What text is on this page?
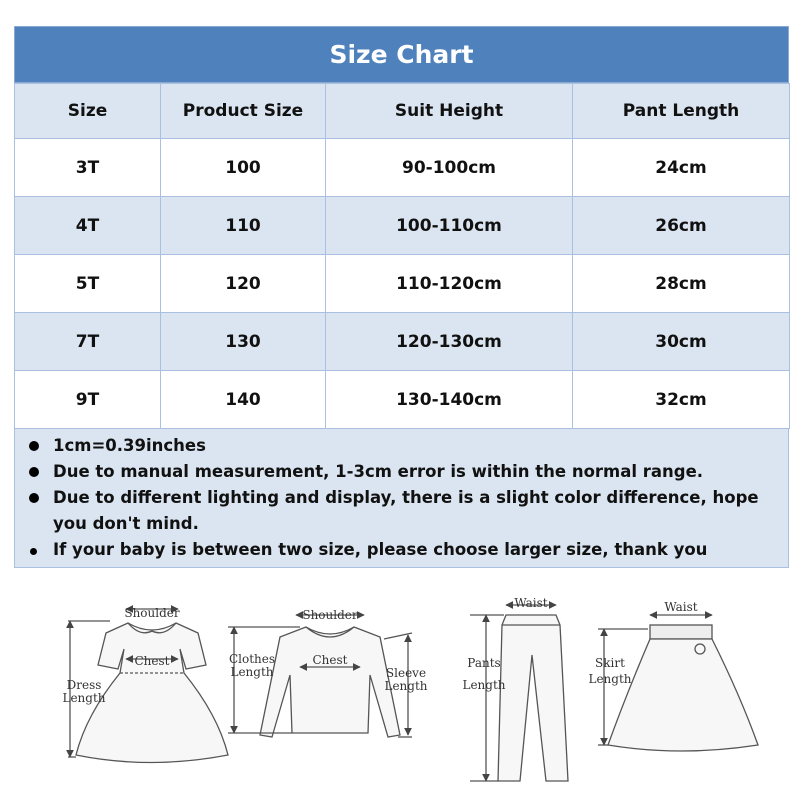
Size Chart
Size	Product Size	Suit Height	Pant Length
3T	100	90-100cm	24cm
4T	110	100-110cm	26cm
5T	120	110-120cm	28cm
7T	130	120-130cm	30cm
9T	140	130-140cm	32cm
1cm=0.39inches
Due to manual measurement, 1-3cm error is within the normal range.
Due to different lighting and display, there is a slight color difference, hope you don't mind.
If your baby is between two size, please choose larger size, thank you
Shoulder
Chest
Dress
Length
Shoulder
Chest
Clothes
Length	Sleeve
Length
Waist
Pants
Length
Waist
Skirt
Length
